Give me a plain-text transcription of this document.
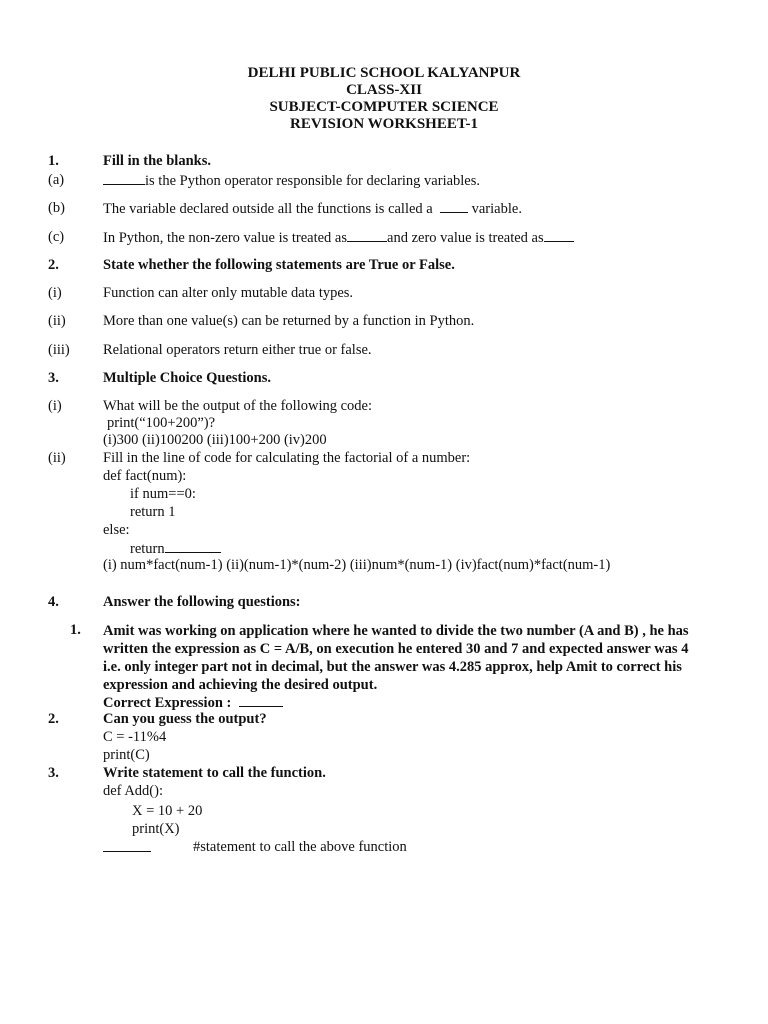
DELHI PUBLIC SCHOOL KALYANPUR
CLASS-XII
SUBJECT-COMPUTER SCIENCE
REVISION WORKSHEET-1
1.	Fill in the blanks.
(a)	is the Python operator responsible for declaring variables.
(b)	The variable declared outside all the functions is called a	variable.
(c)	In Python, the non-zero value is treated as	and zero value is treated as
2.	State whether the following statements are True or False.
(i)	Function can alter only mutable data types.
(ii)	More than one value(s) can be returned by a function in Python.
(iii) Relational operators return either true or false.
3.	Multiple Choice Questions.
(i)	What will be the output of the following code:
print(“100+200”)?
(i)300 (ii)100200 (iii)100+200 (iv)200
(ii)	Fill in the line of code for calculating the factorial of a number:
def fact(num):
if num==0:
return 1
else:
return
(i) num*fact(num-1) (ii)(num-1)*(num-2) (iii)num*(num-1) (iv)fact(num)*fact(num-1)
4.	Answer the following questions:
1. Amit was working on application where he wanted to divide the two number (A and B) , he has
written the expression as C = A/B, on execution he entered 30 and 7 and expected answer was 4
i.e. only integer part not in decimal, but the answer was 4.285 approx, help Amit to correct his
expression and achieving the desired output.
Correct Expression :
2.	Can you guess the output?
C = -11%4
print(C)
3.	Write statement to call the function.
def Add():
X = 10 + 20
print(X)
#statement to call the above function
